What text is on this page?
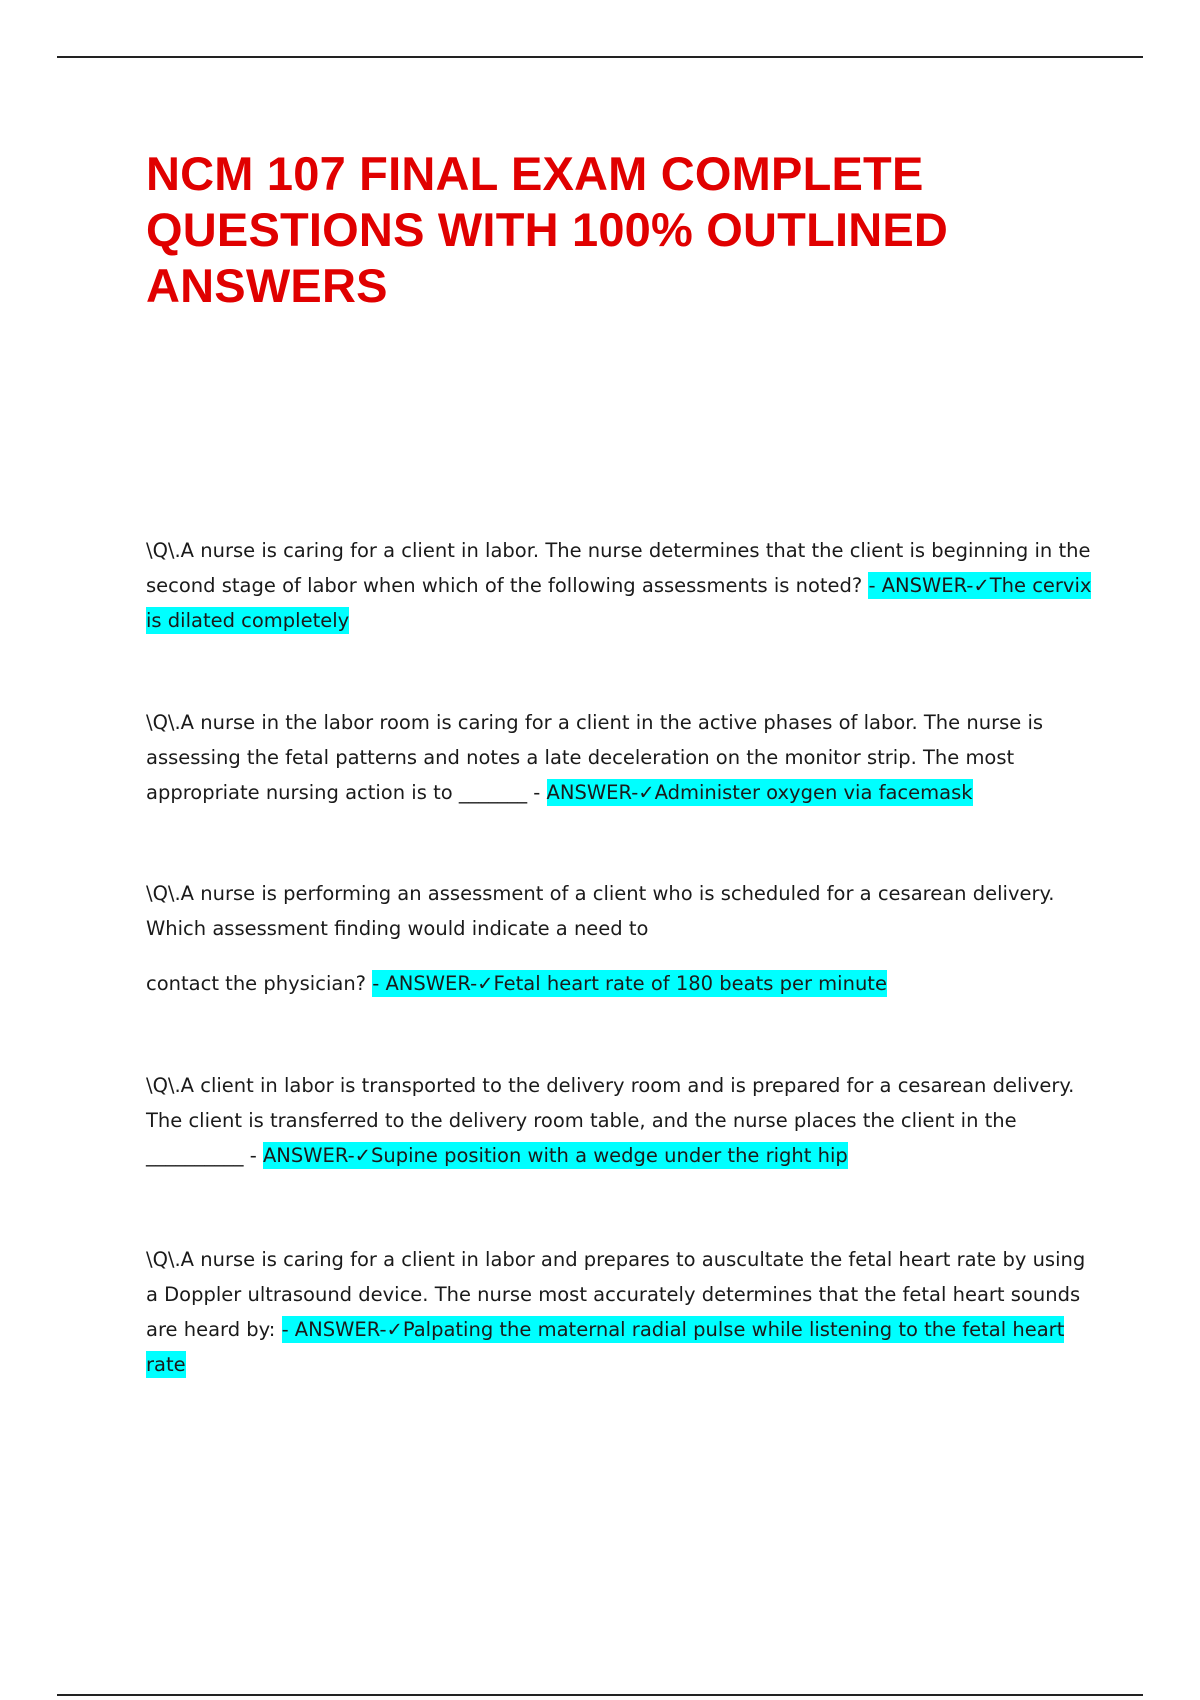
NCM 107 FINAL EXAM COMPLETE QUESTIONS WITH 100% OUTLINED ANSWERS

\Q\.A nurse is caring for a client in labor. The nurse determines that the client is beginning in the second stage of labor when which of the following assessments is noted? - ANSWER-✓The cervix is dilated completely

\Q\.A nurse in the labor room is caring for a client in the active phases of labor. The nurse is assessing the fetal patterns and notes a late deceleration on the monitor strip. The most appropriate nursing action is to _______ - ANSWER-✓Administer oxygen via facemask

\Q\.A nurse is performing an assessment of a client who is scheduled for a cesarean delivery. Which assessment finding would indicate a need to
contact the physician? - ANSWER-✓Fetal heart rate of 180 beats per minute

\Q\.A client in labor is transported to the delivery room and is prepared for a cesarean delivery. The client is transferred to the delivery room table, and the nurse places the client in the __________ - ANSWER-✓Supine position with a wedge under the right hip

\Q\.A nurse is caring for a client in labor and prepares to auscultate the fetal heart rate by using a Doppler ultrasound device. The nurse most accurately determines that the fetal heart sounds are heard by: - ANSWER-✓Palpating the maternal radial pulse while listening to the fetal heart rate
